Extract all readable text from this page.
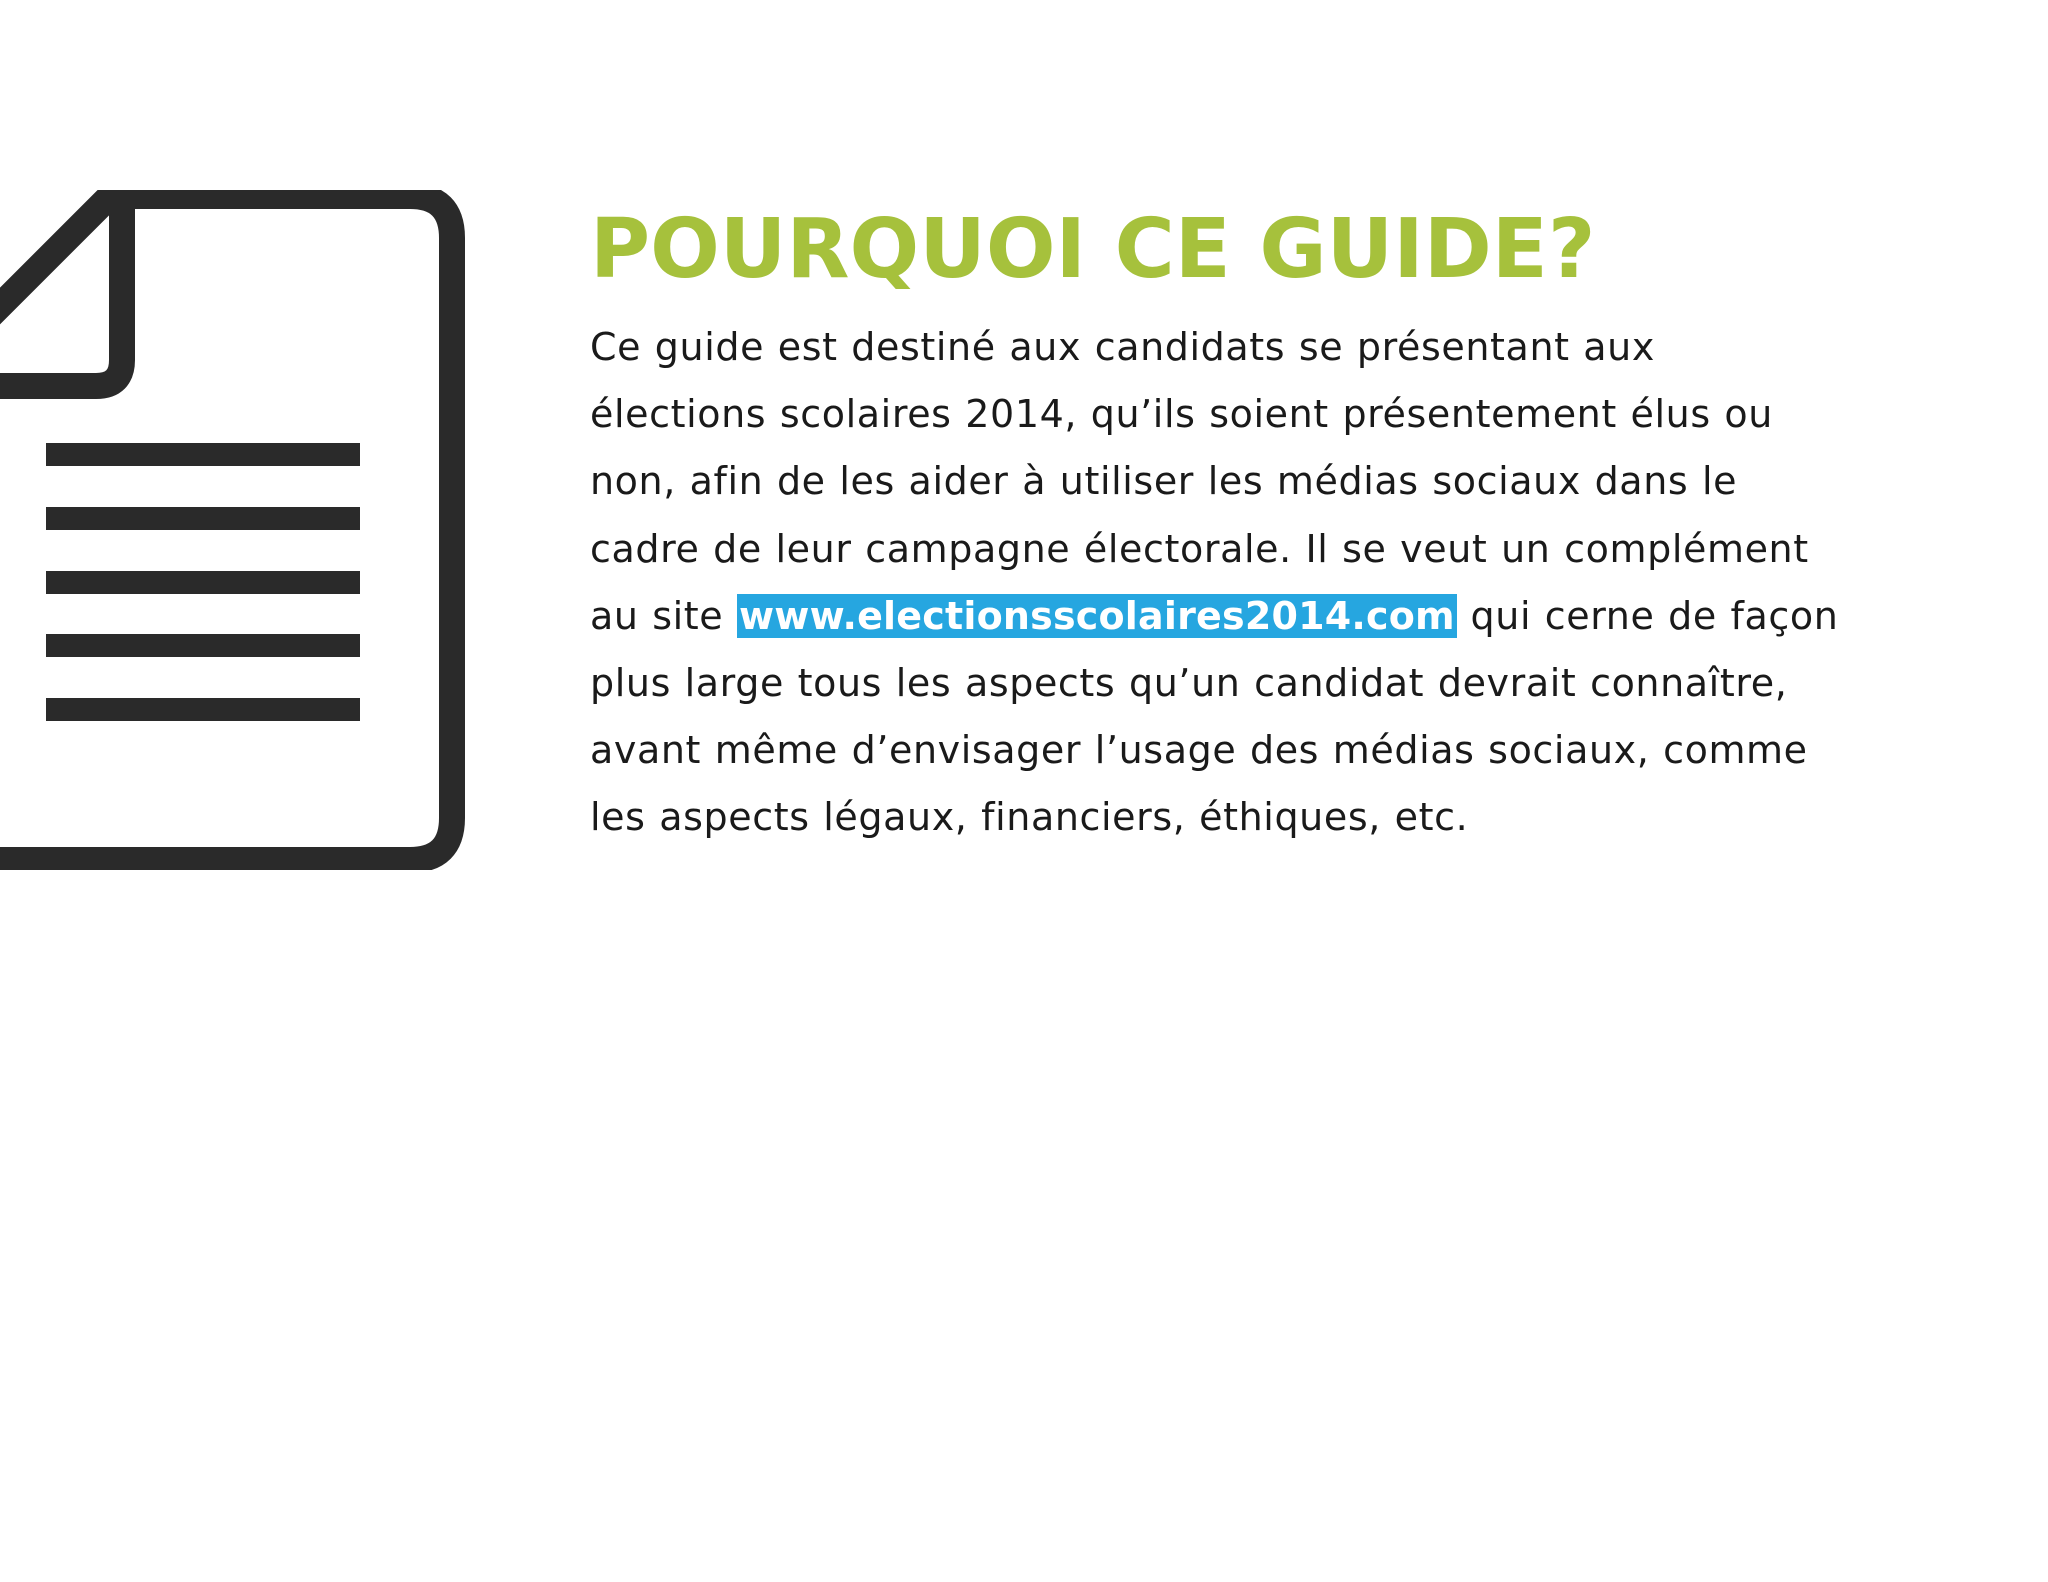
POURQUOI CE GUIDE?

Ce guide est destiné aux candidats se présentant aux
élections scolaires 2014, qu’ils soient présentement élus ou
non, afin de les aider à utiliser les médias sociaux dans le
cadre de leur campagne électorale. Il se veut un complément
au site www.electionsscolaires2014.com qui cerne de façon
plus large tous les aspects qu’un candidat devrait connaître,
avant même d’envisager l’usage des médias sociaux, comme
les aspects légaux, financiers, éthiques, etc.
